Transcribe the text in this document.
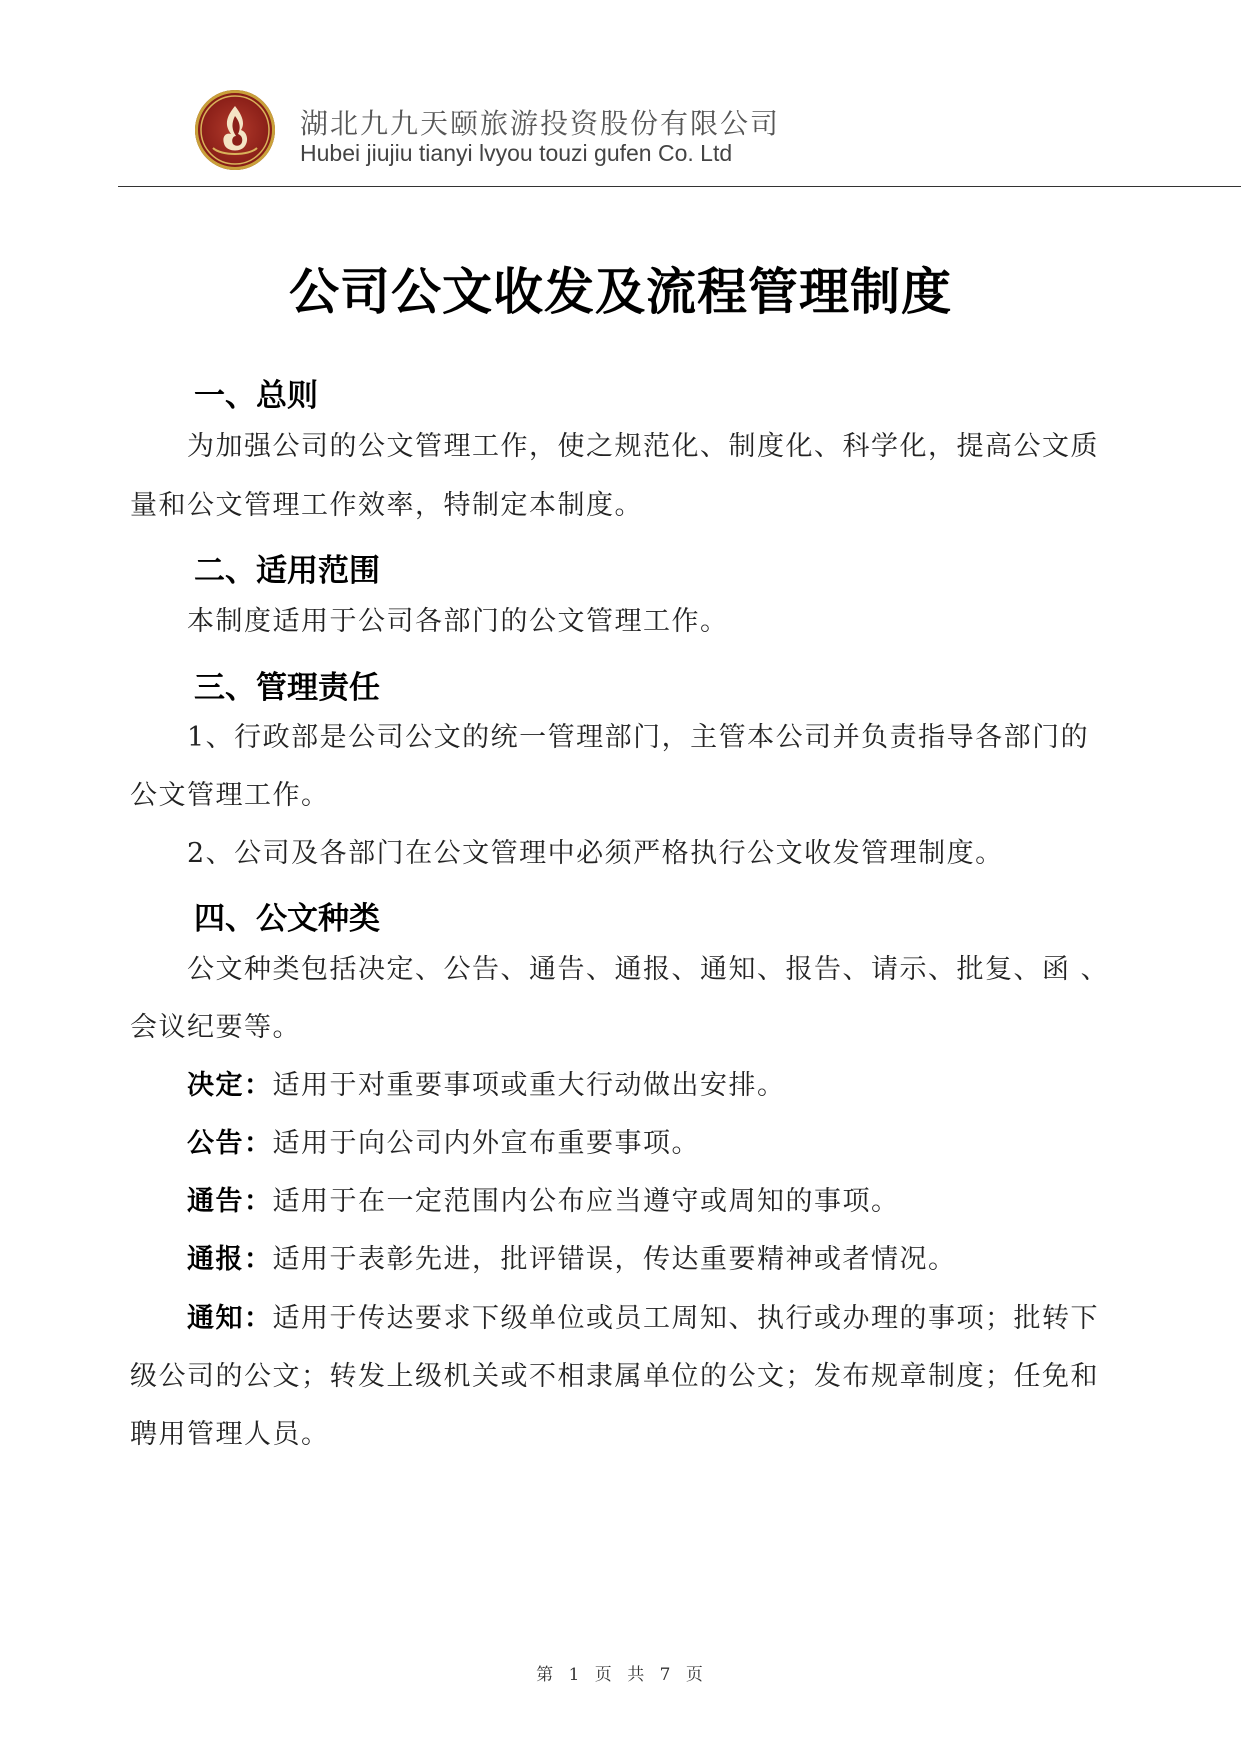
湖北九九天颐旅游投资股份有限公司
Hubei jiujiu tianyi lvyou touzi gufen Co. Ltd
公司公文收发及流程管理制度
一、总则
为加强公司的公文管理工作，使之规范化、制度化、科学化，提高公文质
量和公文管理工作效率，特制定本制度。
二、适用范围
本制度适用于公司各部门的公文管理工作。
三、管理责任
1、行政部是公司公文的统一管理部门，主管本公司并负责指导各部门的
公文管理工作。
2、公司及各部门在公文管理中必须严格执行公文收发管理制度。
四、公文种类
公文种类包括决定、公告、通告、通报、通知、报告、请示、批复、函 、
会议纪要等。
决定：适用于对重要事项或重大行动做出安排。
公告：适用于向公司内外宣布重要事项。
通告：适用于在一定范围内公布应当遵守或周知的事项。
通报：适用于表彰先进，批评错误，传达重要精神或者情况。
通知：适用于传达要求下级单位或员工周知、执行或办理的事项；批转下
级公司的公文；转发上级机关或不相隶属单位的公文；发布规章制度；任免和
聘用管理人员。
第 1 页 共 7 页
